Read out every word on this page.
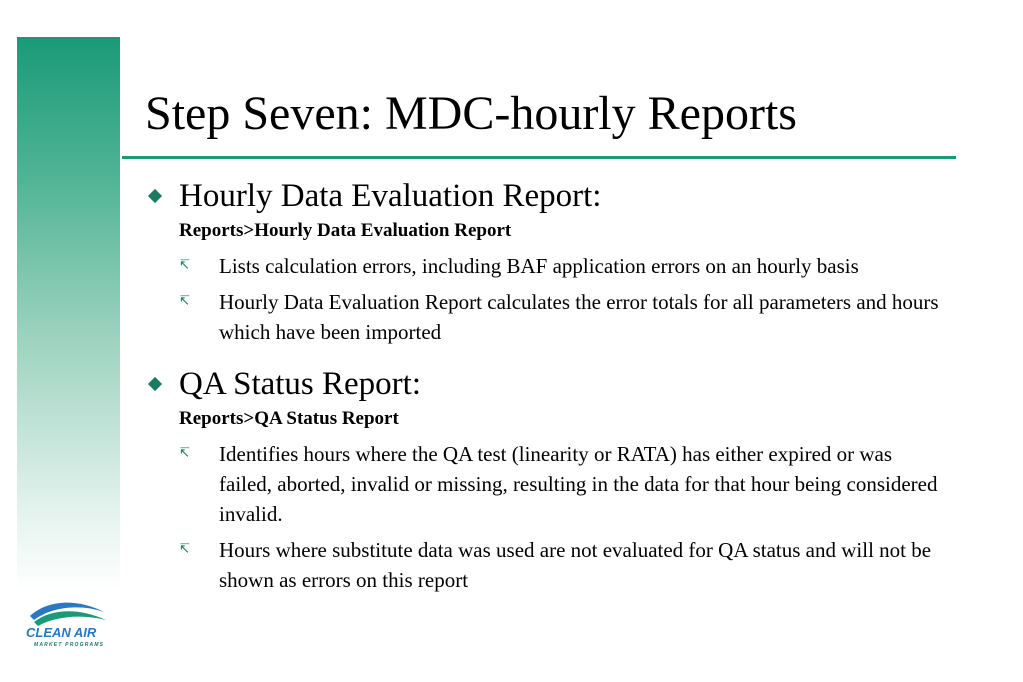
Step Seven: MDC-hourly Reports
Hourly Data Evaluation Report:
Reports>Hourly Data Evaluation Report
↸	Lists calculation errors, including BAF application errors on an hourly basis
↸	Hourly Data Evaluation Report calculates the error totals for all parameters and hours which have been imported
QA Status Report:
Reports>QA Status Report
↸	Identifies hours where the QA test (linearity or RATA) has either expired or was failed, aborted, invalid or missing, resulting in the data for that hour being considered invalid.
↸	Hours where substitute data was used are not evaluated for QA status and will not be shown as errors on this report
CLEAN AIR
MARKET PROGRAMS
